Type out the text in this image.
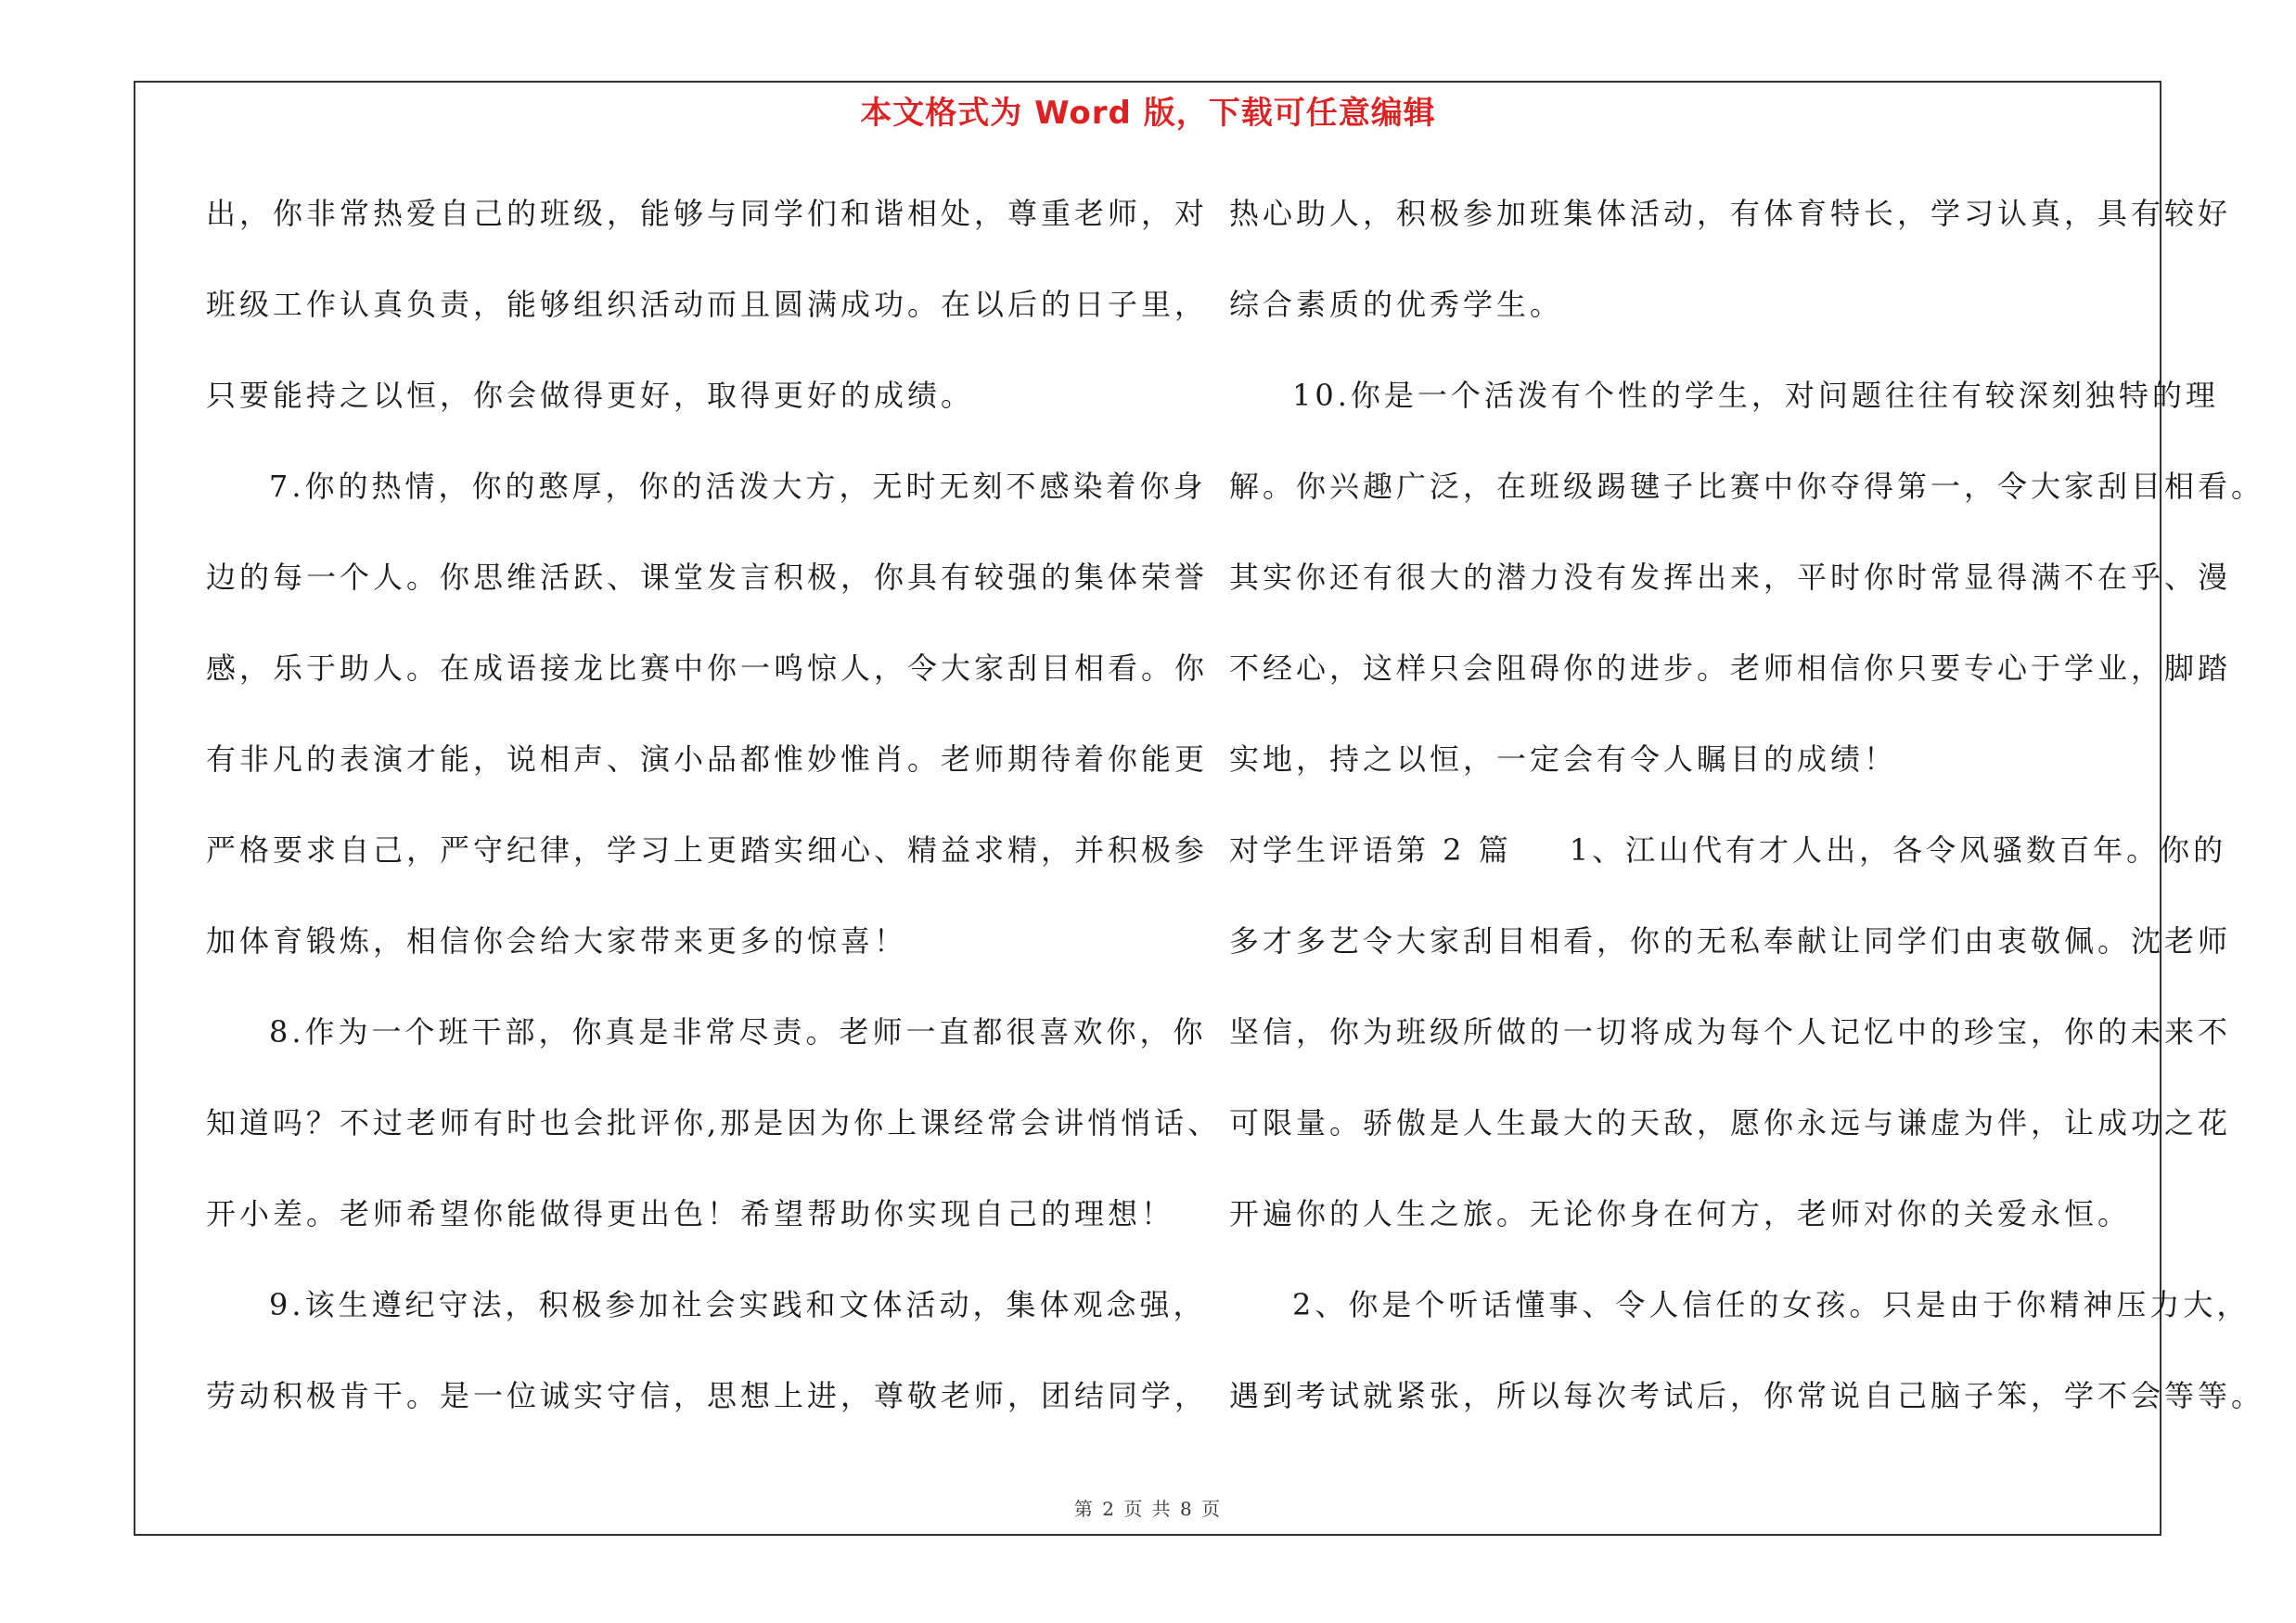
本文格式为 Word 版，下载可任意编辑
出，你非常热爱自己的班级，能够与同学们和谐相处，尊重老师，对
班级工作认真负责，能够组织活动而且圆满成功。在以后的日子里，
只要能持之以恒，你会做得更好，取得更好的成绩。
7.你的热情，你的憨厚，你的活泼大方，无时无刻不感染着你身
边的每一个人。你思维活跃、课堂发言积极，你具有较强的集体荣誉
感，乐于助人。在成语接龙比赛中你一鸣惊人，令大家刮目相看。你
有非凡的表演才能，说相声、演小品都惟妙惟肖。老师期待着你能更
严格要求自己，严守纪律，学习上更踏实细心、精益求精，并积极参
加体育锻炼，相信你会给大家带来更多的惊喜！
8.作为一个班干部，你真是非常尽责。老师一直都很喜欢你，你
知道吗？不过老师有时也会批评你,那是因为你上课经常会讲悄悄话、
开小差。老师希望你能做得更出色！希望帮助你实现自己的理想！
9.该生遵纪守法，积极参加社会实践和文体活动，集体观念强，
劳动积极肯干。是一位诚实守信，思想上进，尊敬老师，团结同学，
热心助人，积极参加班集体活动，有体育特长，学习认真，具有较好
综合素质的优秀学生。
10.你是一个活泼有个性的学生，对问题往往有较深刻独特的理
解。你兴趣广泛，在班级踢毽子比赛中你夺得第一，令大家刮目相看。
其实你还有很大的潜力没有发挥出来，平时你时常显得满不在乎、漫
不经心，这样只会阻碍你的进步。老师相信你只要专心于学业，脚踏
实地，持之以恒，一定会有令人瞩目的成绩！
对学生评语第 2 篇 1、江山代有才人出，各令风骚数百年。你的
多才多艺令大家刮目相看，你的无私奉献让同学们由衷敬佩。沈老师
坚信，你为班级所做的一切将成为每个人记忆中的珍宝，你的未来不
可限量。骄傲是人生最大的天敌，愿你永远与谦虚为伴，让成功之花
开遍你的人生之旅。无论你身在何方，老师对你的关爱永恒。
2、你是个听话懂事、令人信任的女孩。只是由于你精神压力大，
遇到考试就紧张，所以每次考试后，你常说自己脑子笨，学不会等等。
第 2 页 共 8 页
